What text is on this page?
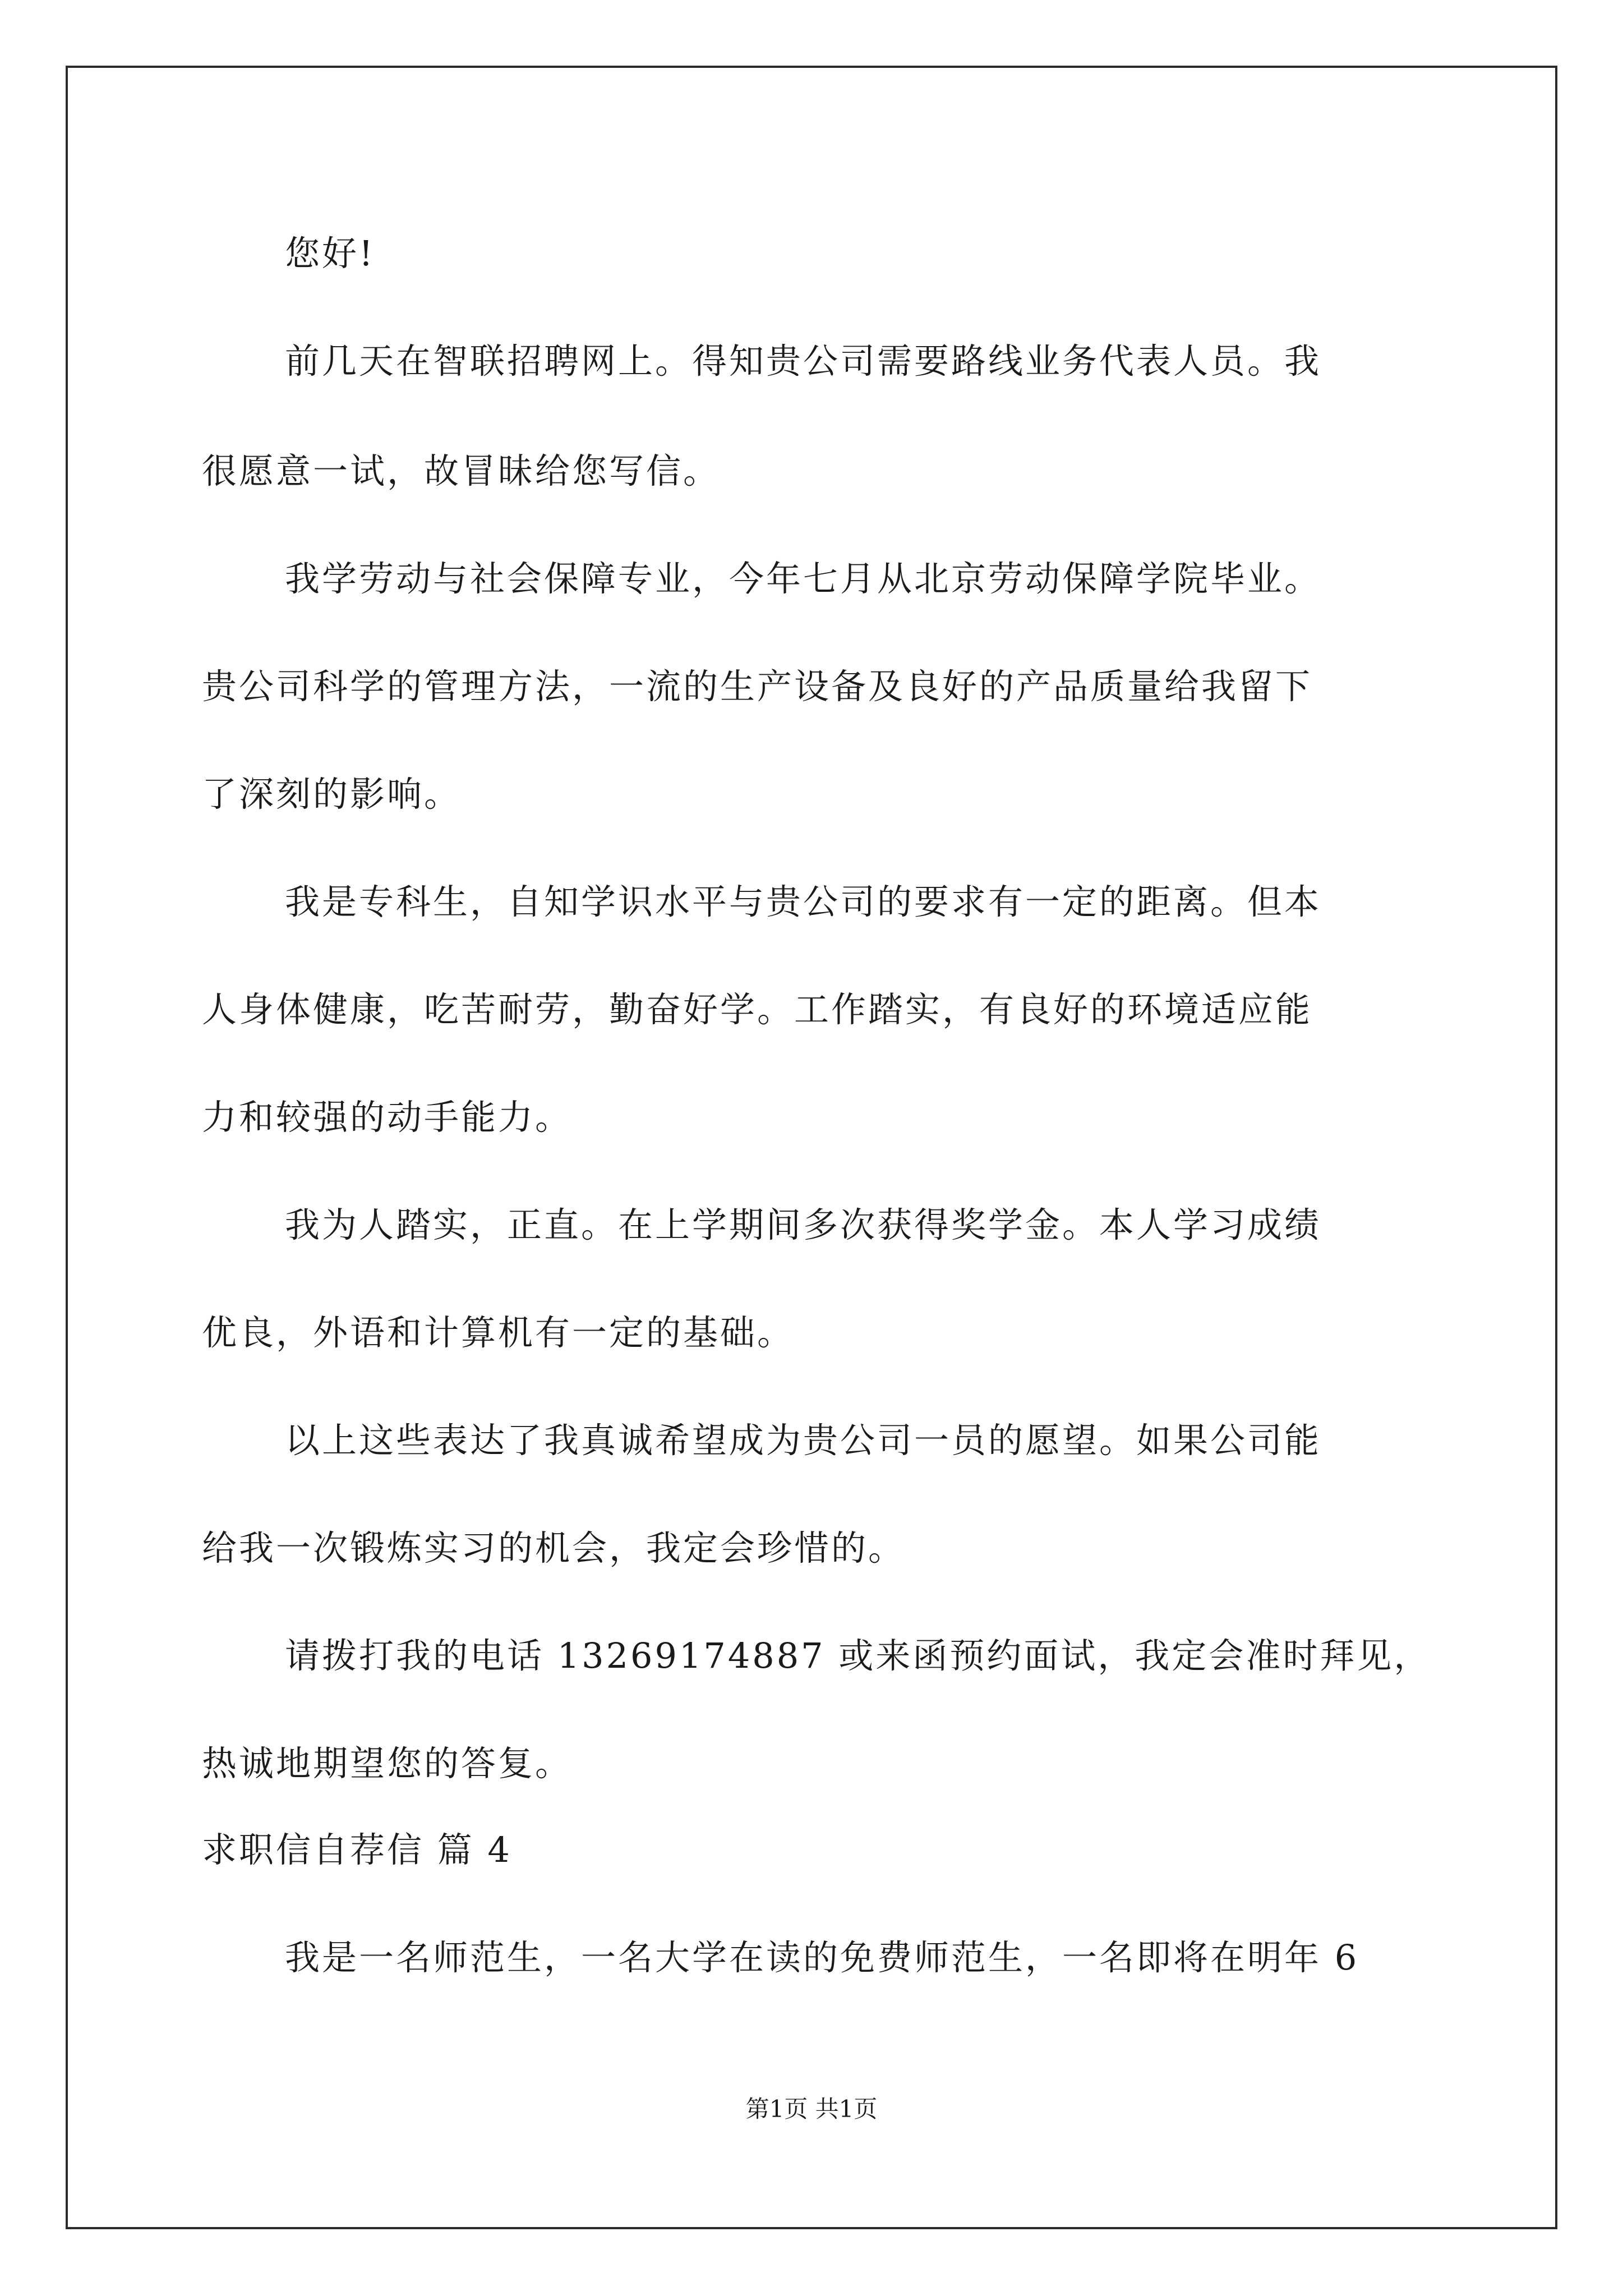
您好!
前几天在智联招聘网上。得知贵公司需要路线业务代表人员。我
很愿意一试，故冒昧给您写信。
我学劳动与社会保障专业，今年七月从北京劳动保障学院毕业。
贵公司科学的管理方法，一流的生产设备及良好的产品质量给我留下
了深刻的影响。
我是专科生，自知学识水平与贵公司的要求有一定的距离。但本
人身体健康，吃苦耐劳，勤奋好学。工作踏实，有良好的环境适应能
力和较强的动手能力。
我为人踏实，正直。在上学期间多次获得奖学金。本人学习成绩
优良，外语和计算机有一定的基础。
以上这些表达了我真诚希望成为贵公司一员的愿望。如果公司能
给我一次锻炼实习的机会，我定会珍惜的。
请拨打我的电话 13269174887 或来函预约面试，我定会准时拜见，
热诚地期望您的答复。
求职信自荐信 篇 4
我是一名师范生，一名大学在读的免费师范生，一名即将在明年 6
第1页 共1页
